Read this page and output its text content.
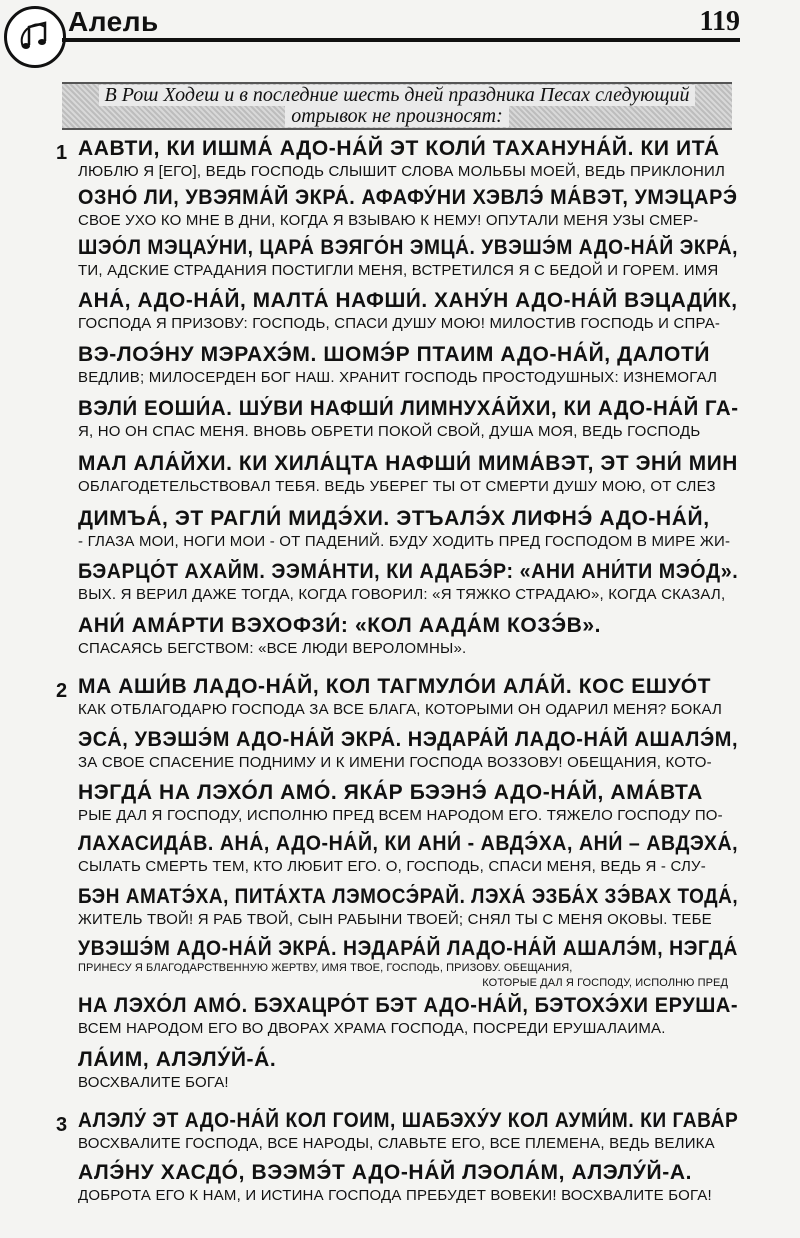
Алель	119
В Рош Ходеш и в последние шесть дней праздника Песах следующий
отрывок не произносят:
1 ААВТИ, КИ ИШМА́ АДО-НА́Й ЭТ КОЛИ́ ТАХАНУНА́Й. КИ ИТА́
ЛЮБЛЮ Я [ЕГО], ВЕДЬ ГОСПОДЬ СЛЫШИТ СЛОВА МОЛЬБЫ МОЕЙ, ВЕДЬ ПРИКЛОНИЛ
ОЗНО́ ЛИ, УВЭЯМА́Й ЭКРА́. АФАФУ́НИ ХЭВЛЭ́ МА́ВЭТ, УМЭЦАРЭ́
СВОЕ УХО КО МНЕ В ДНИ, КОГДА Я ВЗЫВАЮ К НЕМУ! ОПУТАЛИ МЕНЯ УЗЫ СМЕР-
ШЭО́Л МЭЦАУ́НИ, ЦАРА́ ВЭЯГО́Н ЭМЦА́. УВЭШЭ́М АДО-НА́Й ЭКРА́,
ТИ, АДСКИЕ СТРАДАНИЯ ПОСТИГЛИ МЕНЯ, ВСТРЕТИЛСЯ Я С БЕДОЙ И ГОРЕМ. ИМЯ
АНА́, АДО-НА́Й, МАЛТА́ НАФШИ́. ХАНУ́Н АДО-НА́Й ВЭЦАДИ́К,
ГОСПОДА Я ПРИЗОВУ: ГОСПОДЬ, СПАСИ ДУШУ МОЮ! МИЛОСТИВ ГОСПОДЬ И СПРА-
ВЭ-ЛОЭ́НУ МЭРАХЭ́М. ШОМЭ́Р ПТАИМ АДО-НА́Й, ДАЛОТИ́
ВЕДЛИВ; МИЛОСЕРДЕН БОГ НАШ. ХРАНИТ ГОСПОДЬ ПРОСТОДУШНЫХ: ИЗНЕМОГАЛ
ВЭЛИ́ ЕОШИ́А. ШУ́ВИ НАФШИ́ ЛИМНУХА́ЙХИ, КИ АДО-НА́Й ГА-
Я, НО ОН СПАС МЕНЯ. ВНОВЬ ОБРЕТИ ПОКОЙ СВОЙ, ДУША МОЯ, ВЕДЬ ГОСПОДЬ
МАЛ АЛА́ЙХИ. КИ ХИЛА́ЦТА НАФШИ́ МИМА́ВЭТ, ЭТ ЭНИ́ МИН
ОБЛАГОДЕТЕЛЬСТВОВАЛ ТЕБЯ. ВЕДЬ УБЕРЕГ ТЫ ОТ СМЕРТИ ДУШУ МОЮ, ОТ СЛЕЗ
ДИМЪА́, ЭТ РАГЛИ́ МИДЭ́ХИ. ЭТЪАЛЭ́Х ЛИФНЭ́ АДО-НА́Й,
- ГЛАЗА МОИ, НОГИ МОИ - ОТ ПАДЕНИЙ. БУДУ ХОДИТЬ ПРЕД ГОСПОДОМ В МИРЕ ЖИ-
БЭАРЦО́Т АХАЙМ. ЭЭМА́НТИ, КИ АДАБЭ́Р: «АНИ АНИ́ТИ МЭО́Д».
ВЫХ. Я ВЕРИЛ ДАЖЕ ТОГДА, КОГДА ГОВОРИЛ: «Я ТЯЖКО СТРАДАЮ», КОГДА СКАЗАЛ,
АНИ́ АМА́РТИ ВЭХОФЗИ́: «КОЛ ААДА́М КОЗЭ́В».
СПАСАЯСЬ БЕГСТВОМ: «ВСЕ ЛЮДИ ВЕРОЛОМНЫ».
2 МА АШИ́В ЛАДО-НА́Й, КОЛ ТАГМУЛО́И АЛА́Й. КОС ЕШУО́Т
КАК ОТБЛАГОДАРЮ ГОСПОДА ЗА ВСЕ БЛАГА, КОТОРЫМИ ОН ОДАРИЛ МЕНЯ? БОКАЛ
ЭСА́, УВЭШЭ́М АДО-НА́Й ЭКРА́. НЭДАРА́Й ЛАДО-НА́Й АШАЛЭ́М,
ЗА СВОЕ СПАСЕНИЕ ПОДНИМУ И К ИМЕНИ ГОСПОДА ВОЗЗОВУ! ОБЕЩАНИЯ, КОТО-
НЭГДА́ НА ЛЭХО́Л АМО́. ЯКА́Р БЭЭНЭ́ АДО-НА́Й, АМА́ВТА
РЫЕ ДАЛ Я ГОСПОДУ, ИСПОЛНЮ ПРЕД ВСЕМ НАРОДОМ ЕГО. ТЯЖЕЛО ГОСПОДУ ПО-
ЛАХАСИДА́В. АНА́, АДО-НА́Й, КИ АНИ́ - АВДЭ́ХА, АНИ́ – АВДЭХА́,
СЫЛАТЬ СМЕРТЬ ТЕМ, КТО ЛЮБИТ ЕГО. О, ГОСПОДЬ, СПАСИ МЕНЯ, ВЕДЬ Я - СЛУ-
БЭН АМАТЭ́ХА, ПИТА́ХТА ЛЭМОСЭ́РАЙ. ЛЭХА́ ЭЗБА́Х ЗЭ́ВАХ ТОДА́,
ЖИТЕЛЬ ТВОЙ! Я РАБ ТВОЙ, СЫН РАБЫНИ ТВОЕЙ; СНЯЛ ТЫ С МЕНЯ ОКОВЫ. ТЕБЕ
УВЭШЭ́М АДО-НА́Й ЭКРА́. НЭДАРА́Й ЛАДО-НА́Й АШАЛЭ́М, НЭГДА́
ПРИНЕСУ Я БЛАГОДАРСТВЕННУЮ ЖЕРТВУ, ИМЯ ТВОЕ, ГОСПОДЬ, ПРИЗОВУ. ОБЕЩАНИЯ,
КОТОРЫЕ ДАЛ Я ГОСПОДУ, ИСПОЛНЮ ПРЕД
НА ЛЭХО́Л АМО́. БЭХАЦРО́Т БЭТ АДО-НА́Й, БЭТОХЭ́ХИ ЕРУША-
ВСЕМ НАРОДОМ ЕГО ВО ДВОРАХ ХРАМА ГОСПОДА, ПОСРЕДИ ЕРУШАЛАИМА.
ЛА́ИМ, АЛЭЛУ́Й-А́.
ВОСХВАЛИТЕ БОГА!
3 АЛЭЛУ́ ЭТ АДО-НА́Й КОЛ ГОИМ, ШАБЭХУ́У КОЛ АУМИ́М. КИ ГАВА́Р
ВОСХВАЛИТЕ ГОСПОДА, ВСЕ НАРОДЫ, СЛАВЬТЕ ЕГО, ВСЕ ПЛЕМЕНА, ВЕДЬ ВЕЛИКА
АЛЭ́НУ ХАСДО́, ВЭЭМЭ́Т АДО-НА́Й ЛЭОЛА́М, АЛЭЛУ́Й-А.
ДОБРОТА ЕГО К НАМ, И ИСТИНА ГОСПОДА ПРЕБУДЕТ ВОВЕКИ! ВОСХВАЛИТЕ БОГА!
